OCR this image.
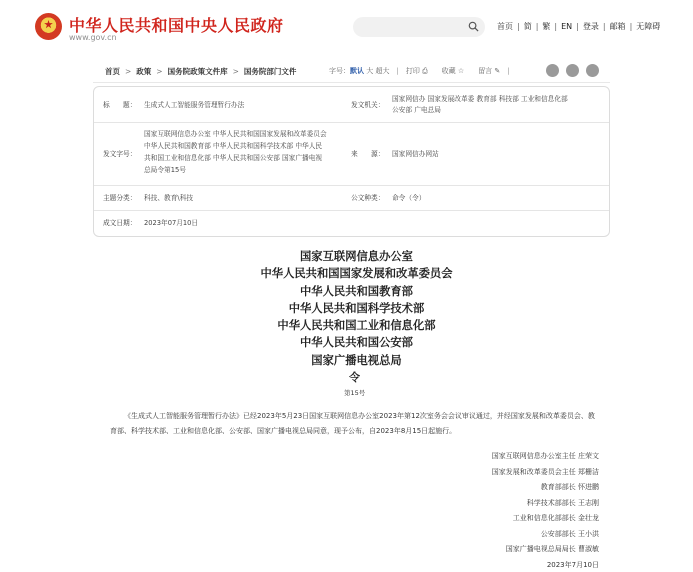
中华人民共和国中央人民政府
www.gov.cn
首页 | 简 | 繁 | EN | 登录 | 邮箱 | 无障碍
首页 > 政策 > 国务院政策文件库 > 国务院部门文件	字号：默认 大 超大 | 打印 ⎙ 收藏 ☆ 留言 ✎ |
标　　题： 生成式人工智能服务管理暂行办法	发文机关：
国家网信办 国家发展改革委 教育部 科技部 工业和信息化部
公安部 广电总局
发文字号：
国家互联网信息办公室 中华人民共和国国家发展和改革委员会
中华人民共和国教育部 中华人民共和国科学技术部 中华人民
共和国工业和信息化部 中华人民共和国公安部 国家广播电视
总局令第15号
来　　源： 国家网信办网站
主题分类： 科技、教育\科技	公文种类： 命令（令）
成文日期： 2023年07月10日
国家互联网信息办公室
中华人民共和国国家发展和改革委员会
中华人民共和国教育部
中华人民共和国科学技术部
中华人民共和国工业和信息化部
中华人民共和国公安部
国家广播电视总局
令
第15号
《生成式人工智能服务管理暂行办法》已经2023年5月23日国家互联网信息办公室2023年第12次室务会会议审议通过，并经国家发展和改革委员会、教育部、科学技术部、工业和信息化部、公安部、国家广播电视总局同意，现予公布，自2023年8月15日起施行。
国家互联网信息办公室主任 庄荣文
国家发展和改革委员会主任 郑栅洁
教育部部长 怀进鹏
科学技术部部长 王志刚
工业和信息化部部长 金壮龙
公安部部长 王小洪
国家广播电视总局局长 曹淑敏
2023年7月10日
